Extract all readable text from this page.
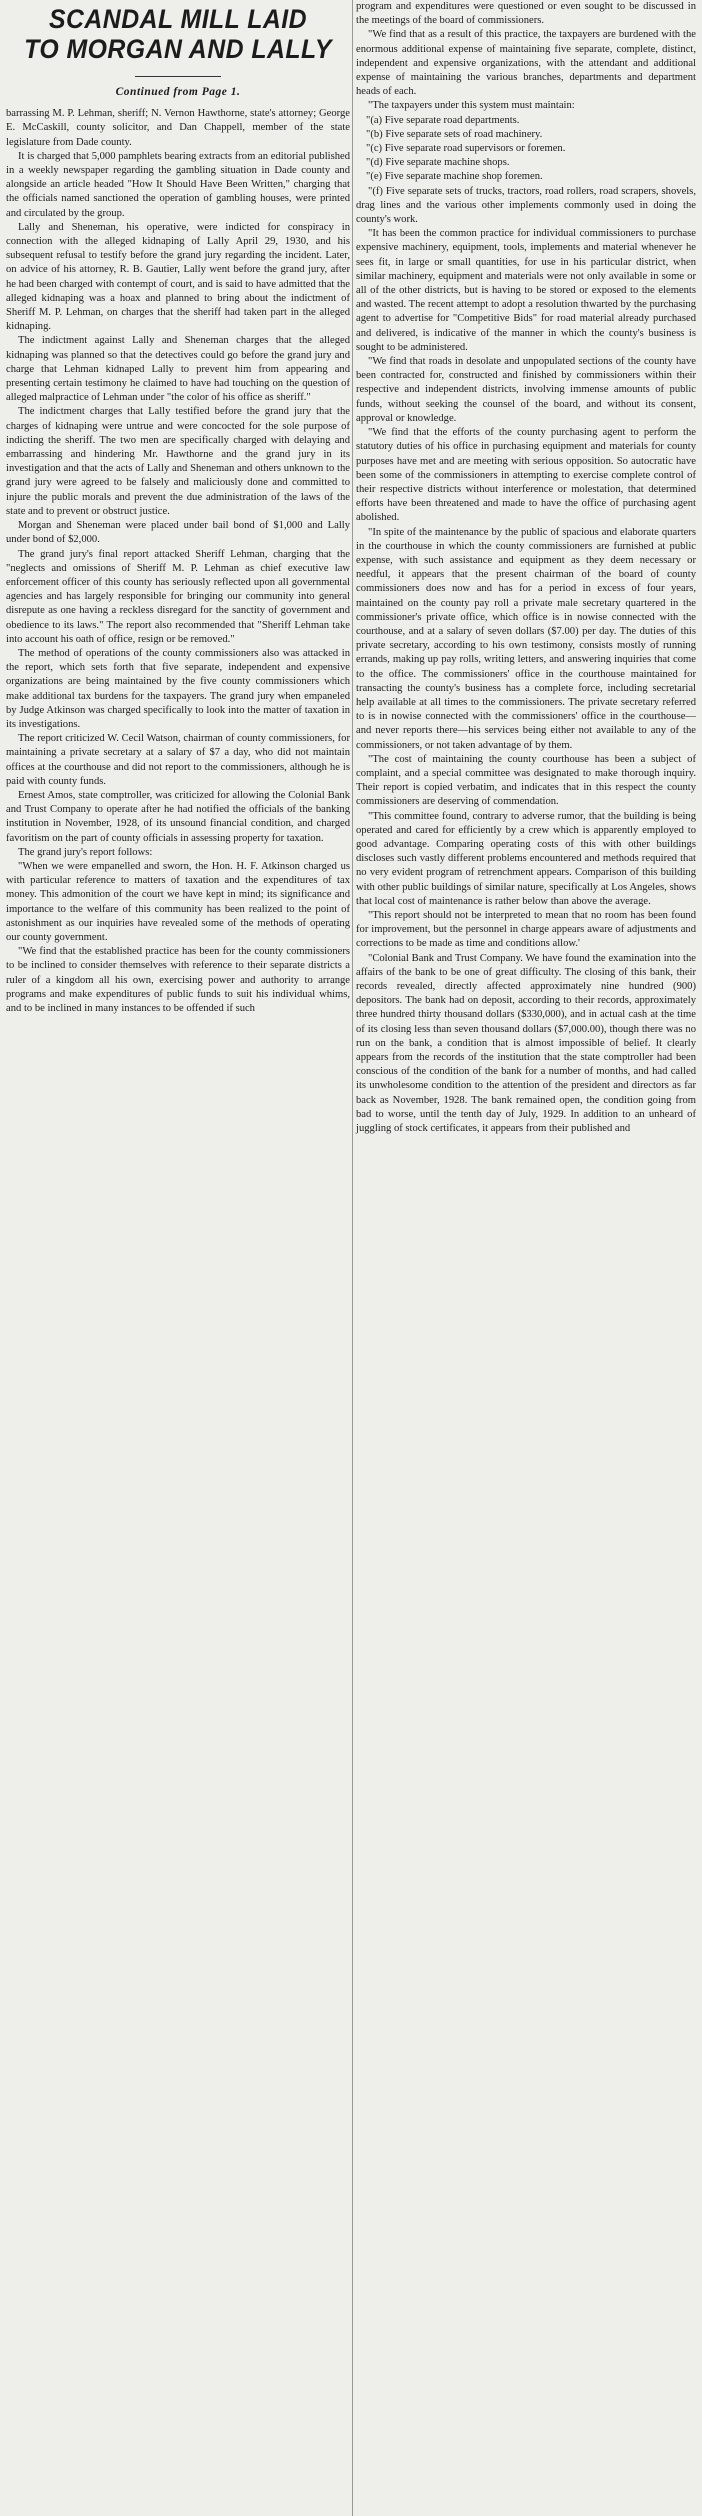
SCANDAL MILL LAID
TO MORGAN AND LALLY
Continued from Page 1.

barrassing M. P. Lehman, sheriff; N. Vernon Hawthorne, state's attorney; George E. McCaskill, county solicitor, and Dan Chappell, member of the state legislature from Dade county.

It is charged that 5,000 pamphlets bearing extracts from an editorial published in a weekly newspaper regarding the gambling situation in Dade county and alongside an article headed "How It Should Have Been Written," charging that the officials named sanctioned the operation of gambling houses, were printed and circulated by the group.

Lally and Sheneman, his operative, were indicted for conspiracy in connection with the alleged kidnaping of Lally April 29, 1930, and his subsequent refusal to testify before the grand jury regarding the incident. Later, on advice of his attorney, R. B. Gautier, Lally went before the grand jury, after he had been charged with contempt of court, and is said to have admitted that the alleged kidnaping was a hoax and planned to bring about the indictment of Sheriff M. P. Lehman, on charges that the sheriff had taken part in the alleged kidnaping.

The indictment against Lally and Sheneman charges that the alleged kidnaping was planned so that the detectives could go before the grand jury and charge that Lehman kidnaped Lally to prevent him from appearing and presenting certain testimony he claimed to have had touching on the question of alleged malpractice of Lehman under "the color of his office as sheriff."

The indictment charges that Lally testified before the grand jury that the charges of kidnaping were untrue and were concocted for the sole purpose of indicting the sheriff. The two men are specifically charged with delaying and embarrassing and hindering Mr. Hawthorne and the grand jury in its investigation and that the acts of Lally and Sheneman and others unknown to the grand jury were agreed to be falsely and maliciously done and committed to injure the public morals and prevent the due administration of the laws of the state and to prevent or obstruct justice.

Morgan and Sheneman were placed under bail bond of $1,000 and Lally under bond of $2,000.

The grand jury's final report attacked Sheriff Lehman, charging that the "neglects and omissions of Sheriff M. P. Lehman as chief executive law enforcement officer of this county has seriously reflected upon all governmental agencies and has largely responsible for bringing our community into general disrepute as one having a reckless disregard for the sanctity of government and obedience to its laws." The report also recommended that "Sheriff Lehman take into account his oath of office, resign or be removed."

The method of operations of the county commissioners also was attacked in the report, which sets forth that five separate, independent and expensive organizations are being maintained by the five county commissioners which make additional tax burdens for the taxpayers. The grand jury when empaneled by Judge Atkinson was charged specifically to look into the matter of taxation in its investigations.

The report criticized W. Cecil Watson, chairman of county commissioners, for maintaining a private secretary at a salary of $7 a day, who did not maintain offices at the courthouse and did not report to the commissioners, although he is paid with county funds.

Ernest Amos, state comptroller, was criticized for allowing the Colonial Bank and Trust Company to operate after he had notified the officials of the banking institution in November, 1928, of its unsound financial condition, and charged favoritism on the part of county officials in assessing property for taxation.

The grand jury's report follows:

"When we were empanelled and sworn, the Hon. H. F. Atkinson charged us with particular reference to matters of taxation and the expenditures of tax money. This admonition of the court we have kept in mind; its significance and importance to the welfare of this community has been realized to the point of astonishment as our inquiries have revealed some of the methods of operating our county government.

"We find that the established practice has been for the county commissioners to be inclined to consider themselves with reference to their separate districts a ruler of a kingdom all his own, exercising power and authority to arrange programs and make expenditures of public funds to suit his individual whims, and to be inclined in many instances to be offended if such

program and expenditures were questioned or even sought to be discussed in the meetings of the board of commissioners.

"We find that as a result of this practice, the taxpayers are burdened with the enormous additional expense of maintaining five separate, complete, distinct, independent and expensive organizations, with the attendant and additional expense of maintaining the various branches, departments and department heads of each.

"The taxpayers under this system must maintain:

"(a) Five separate road departments.

"(b) Five separate sets of road machinery.

"(c) Five separate road supervisors or foremen.

"(d) Five separate machine shops.

"(e) Five separate machine shop foremen.

"(f) Five separate sets of trucks, tractors, road rollers, road scrapers, shovels, drag lines and the various other implements commonly used in doing the county's work.

"It has been the common practice for individual commissioners to purchase expensive machinery, equipment, tools, implements and material whenever he sees fit, in large or small quantities, for use in his particular district, when similar machinery, equipment and materials were not only available in some or all of the other districts, but is having to be stored or exposed to the elements and wasted. The recent attempt to adopt a resolution thwarted by the purchasing agent to advertise for "Competitive Bids" for road material already purchased and delivered, is indicative of the manner in which the county's business is sought to be administered.

"We find that roads in desolate and unpopulated sections of the county have been contracted for, constructed and finished by commissioners within their respective and independent districts, involving immense amounts of public funds, without seeking the counsel of the board, and without its consent, approval or knowledge.

"We find that the efforts of the county purchasing agent to perform the statutory duties of his office in purchasing equipment and materials for county purposes have met and are meeting with serious opposition. So autocratic have been some of the commissioners in attempting to exercise complete control of their respective districts without interference or molestation, that determined efforts have been threatened and made to have the office of purchasing agent abolished.

"In spite of the maintenance by the public of spacious and elaborate quarters in the courthouse in which the county commissioners are furnished at public expense, with such assistance and equipment as they deem necessary or needful, it appears that the present chairman of the board of county commissioners does now and has for a period in excess of four years, maintained on the county pay roll a private male secretary quartered in the commissioner's private office, which office is in nowise connected with the courthouse, and at a salary of seven dollars ($7.00) per day. The duties of this private secretary, according to his own testimony, consists mostly of running errands, making up pay rolls, writing letters, and answering inquiries that come to the office. The commissioners' office in the courthouse maintained for transacting the county's business has a complete force, including secretarial help available at all times to the commissioners. The private secretary referred to is in nowise connected with the commissioners' office in the courthouse—and never reports there—his services being either not available to any of the commissioners, or not taken advantage of by them.

"The cost of maintaining the county courthouse has been a subject of complaint, and a special committee was designated to make thorough inquiry. Their report is copied verbatim, and indicates that in this respect the county commissioners are deserving of commendation.

"This committee found, contrary to adverse rumor, that the building is being operated and cared for efficiently by a crew which is apparently employed to good advantage. Comparing operating costs of this with other buildings discloses such vastly different problems encountered and methods required that no very evident program of retrenchment appears. Comparison of this building with other public buildings of similar nature, specifically at Los Angeles, shows that local cost of maintenance is rather below than above the average.

"This report should not be interpreted to mean that no room has been found for improvement, but the personnel in charge appears aware of adjustments and corrections to be made as time and conditions allow.'

"Colonial Bank and Trust Company. We have found the examination into the affairs of the bank to be one of great difficulty. The closing of this bank, their records revealed, directly affected approximately nine hundred (900) depositors. The bank had on deposit, according to their records, approximately three hundred thirty thousand dollars ($330,000), and in actual cash at the time of its closing less than seven thousand dollars ($7,000.00), though there was no run on the bank, a condition that is almost impossible of belief. It clearly appears from the records of the institution that the state comptroller had been conscious of the condition of the bank for a number of months, and had called its unwholesome condition to the attention of the president and directors as far back as November, 1928. The bank remained open, the condition going from bad to worse, until the tenth day of July, 1929. In addition to an unheard of juggling of stock certificates, it appears from their published and
